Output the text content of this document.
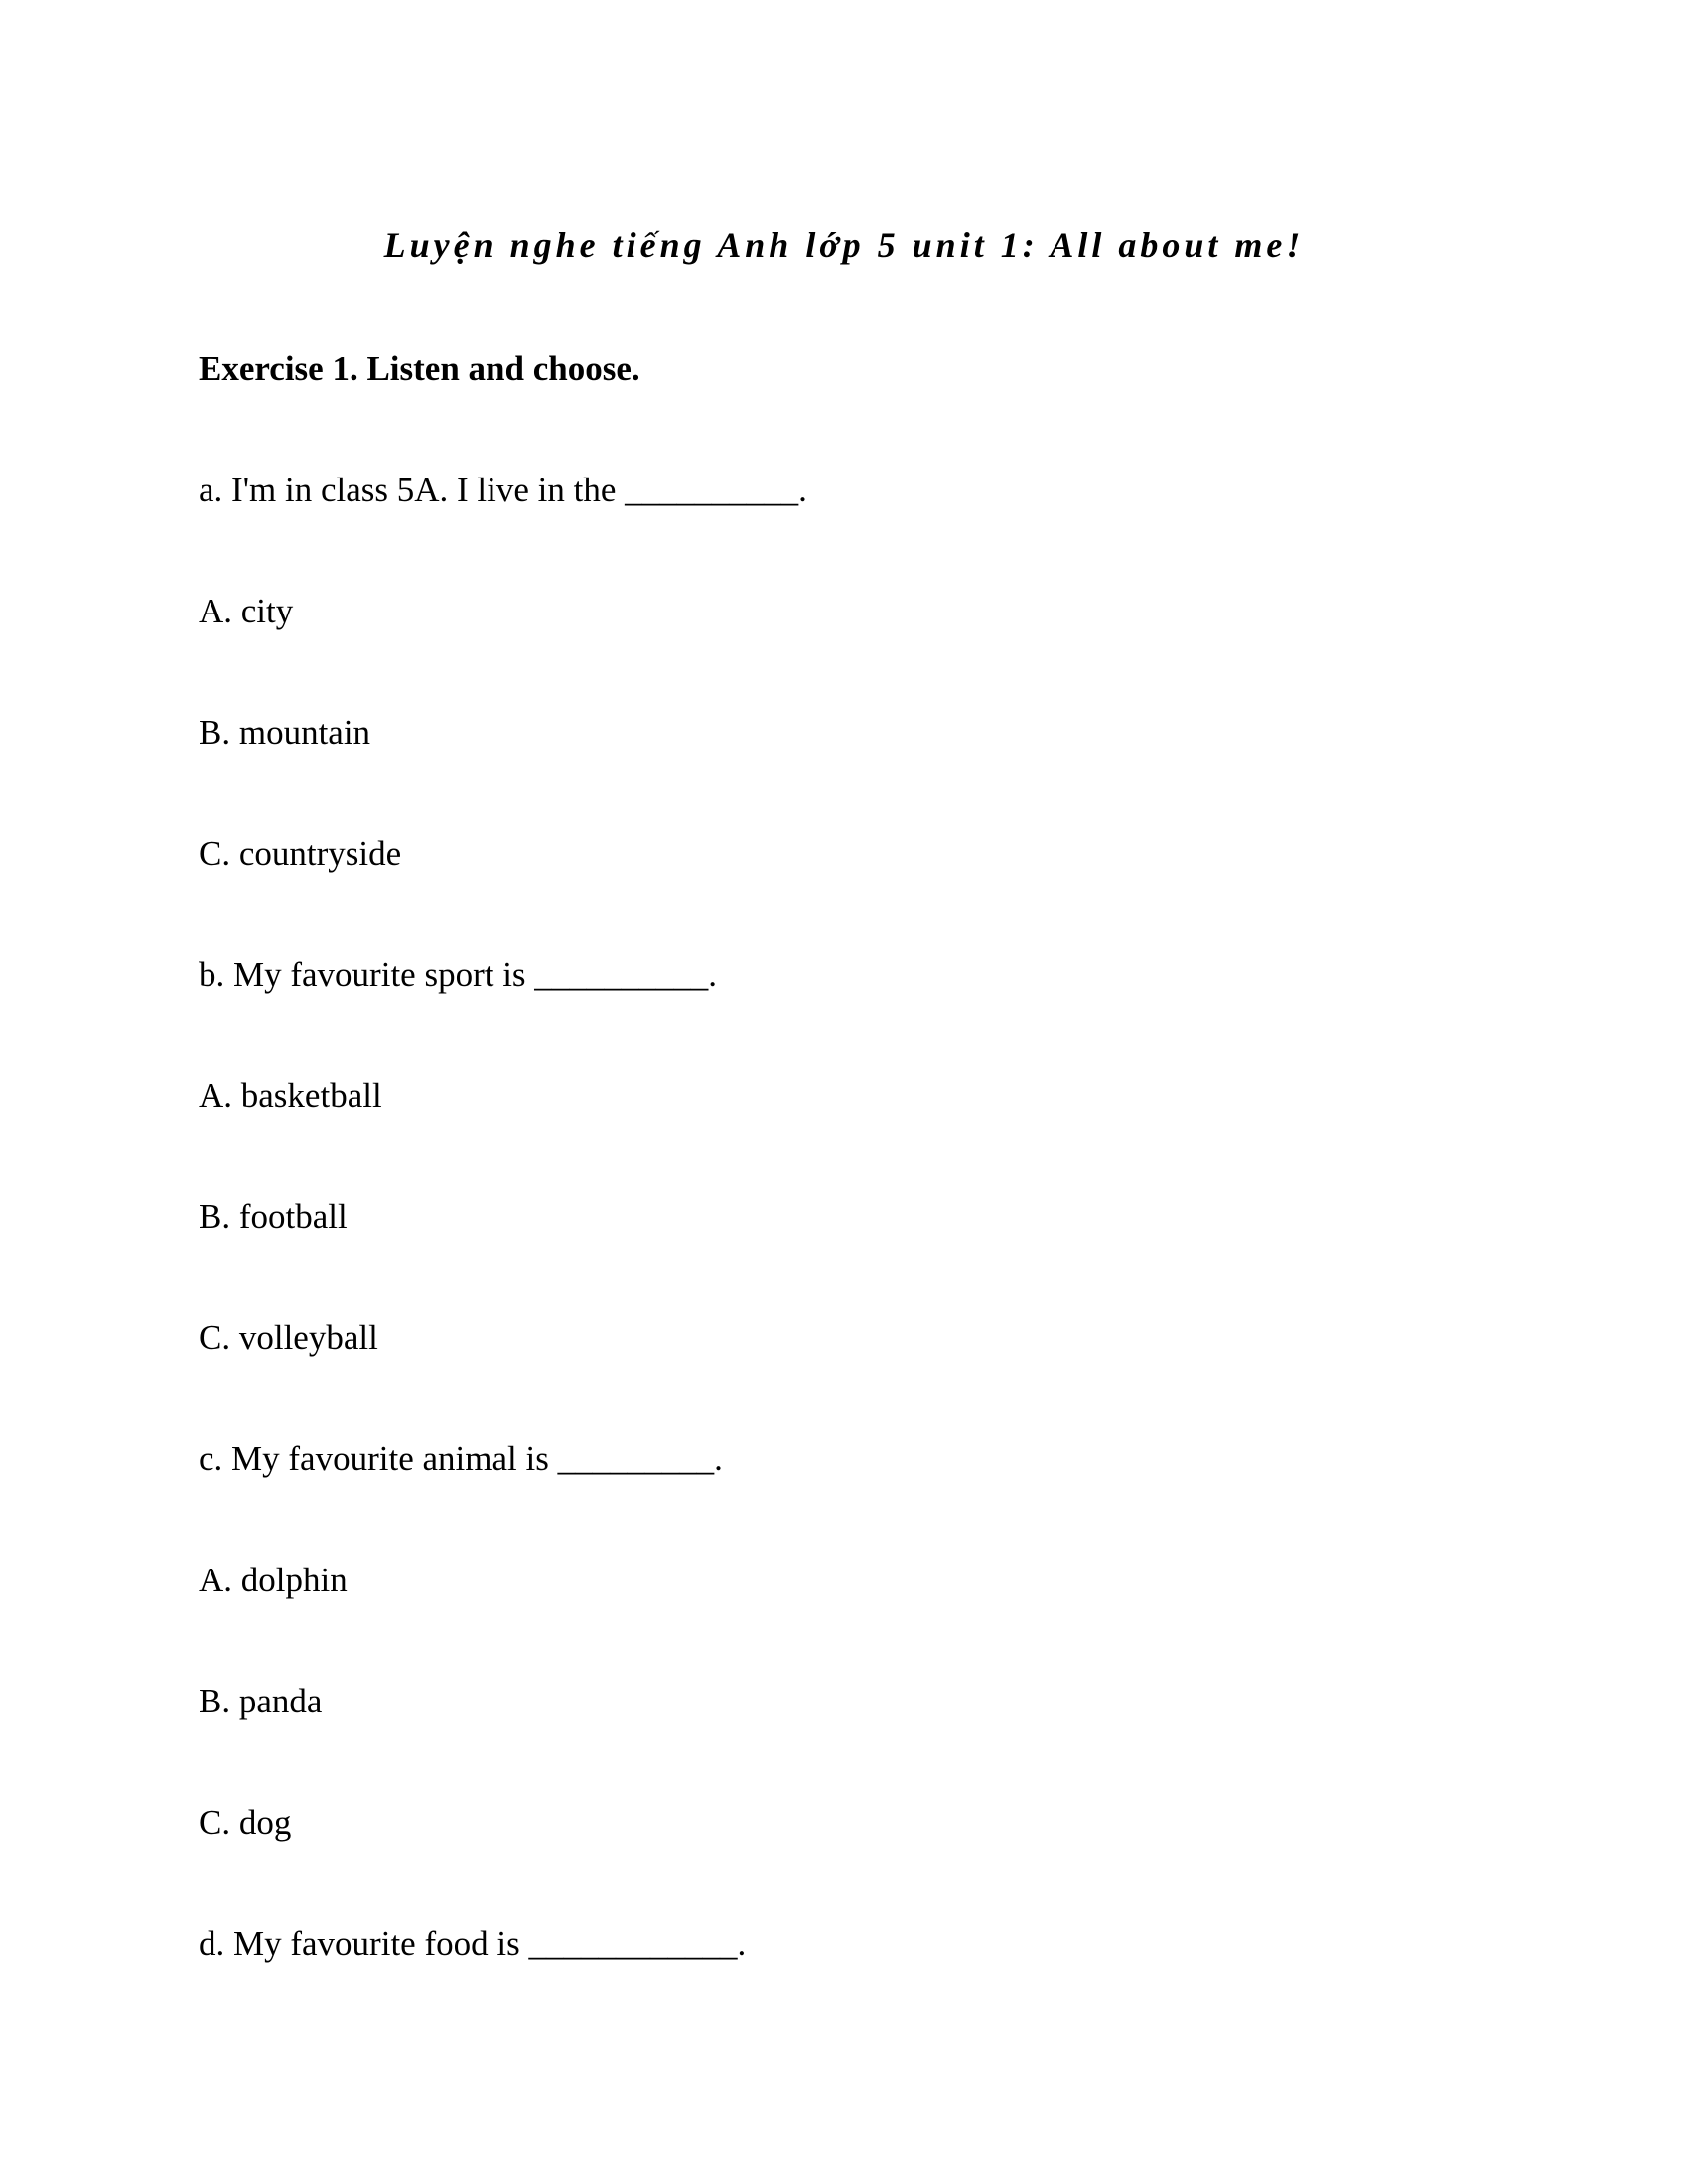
Luyện nghe tiếng Anh lớp 5 unit 1: All about me!

Exercise 1. Listen and choose.

a. I'm in class 5A. I live in the __________.

A. city

B. mountain

C. countryside

b. My favourite sport is __________.

A. basketball

B. football

C. volleyball

c. My favourite animal is _________.

A. dolphin

B. panda

C. dog

d. My favourite food is ____________.
